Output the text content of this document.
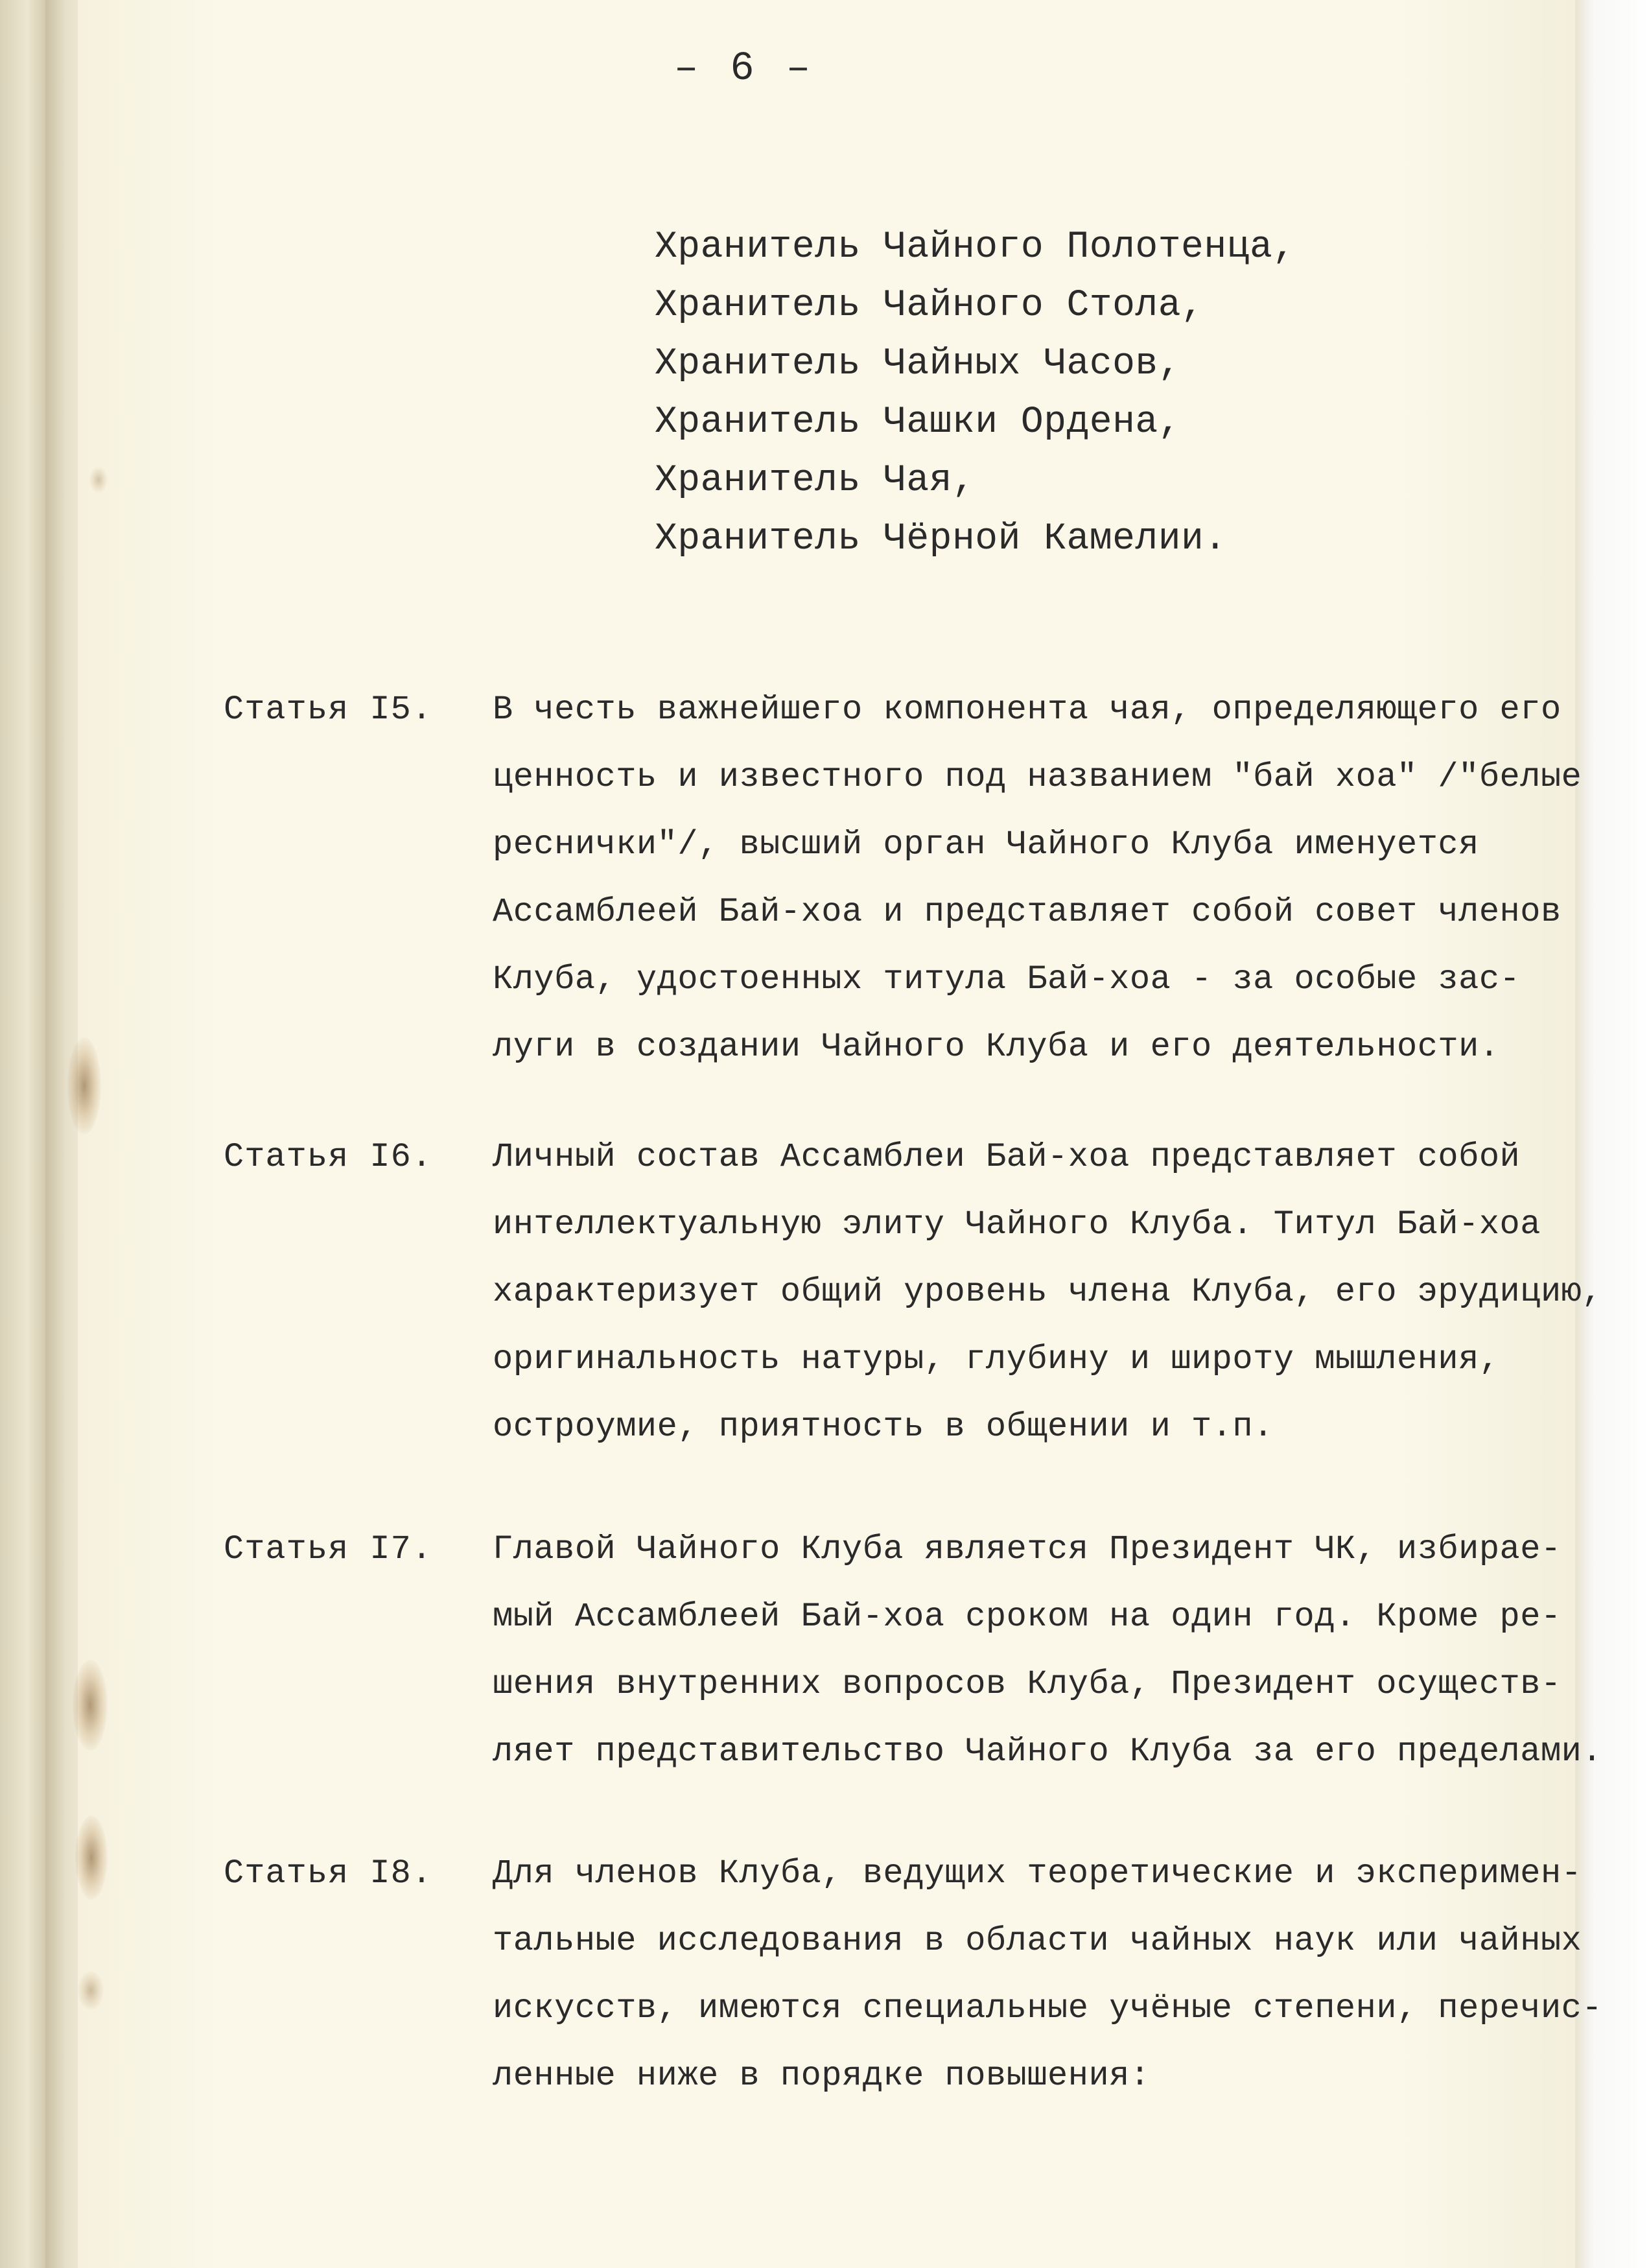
– 6 –
Хранитель Чайного Полотенца,
Хранитель Чайного Стола,
Хранитель Чайных Часов,
Хранитель Чашки Ордена,
Хранитель Чая,
Хранитель Чёрной Камелии.
Статья I5. В честь важнейшего компонента чая, определяющего его
ценность и известного под названием "бай хоа" /"белые
реснички"/, высший орган Чайного Клуба именуется
Ассамблеей Бай-хоа и представляет собой совет членов
Клуба, удостоенных титула Бай-хоа - за особые зас-
луги в создании Чайного Клуба и его деятельности.
Статья I6. Личный состав Ассамблеи Бай-хоа представляет собой
интеллектуальную элиту Чайного Клуба. Титул Бай-хоа
характеризует общий уровень члена Клуба, его эрудицию,
оригинальность натуры, глубину и широту мышления,
остроумие, приятность в общении и т.п.
Статья I7. Главой Чайного Клуба является Президент ЧК, избирае-
мый Ассамблеей Бай-хоа сроком на один год. Кроме ре-
шения внутренних вопросов Клуба, Президент осуществ-
ляет представительство Чайного Клуба за его пределами.
Статья I8. Для членов Клуба, ведущих теоретические и эксперимен-
тальные исследования в области чайных наук или чайных
искусств, имеются специальные учёные степени, перечис-
ленные ниже в порядке повышения:
